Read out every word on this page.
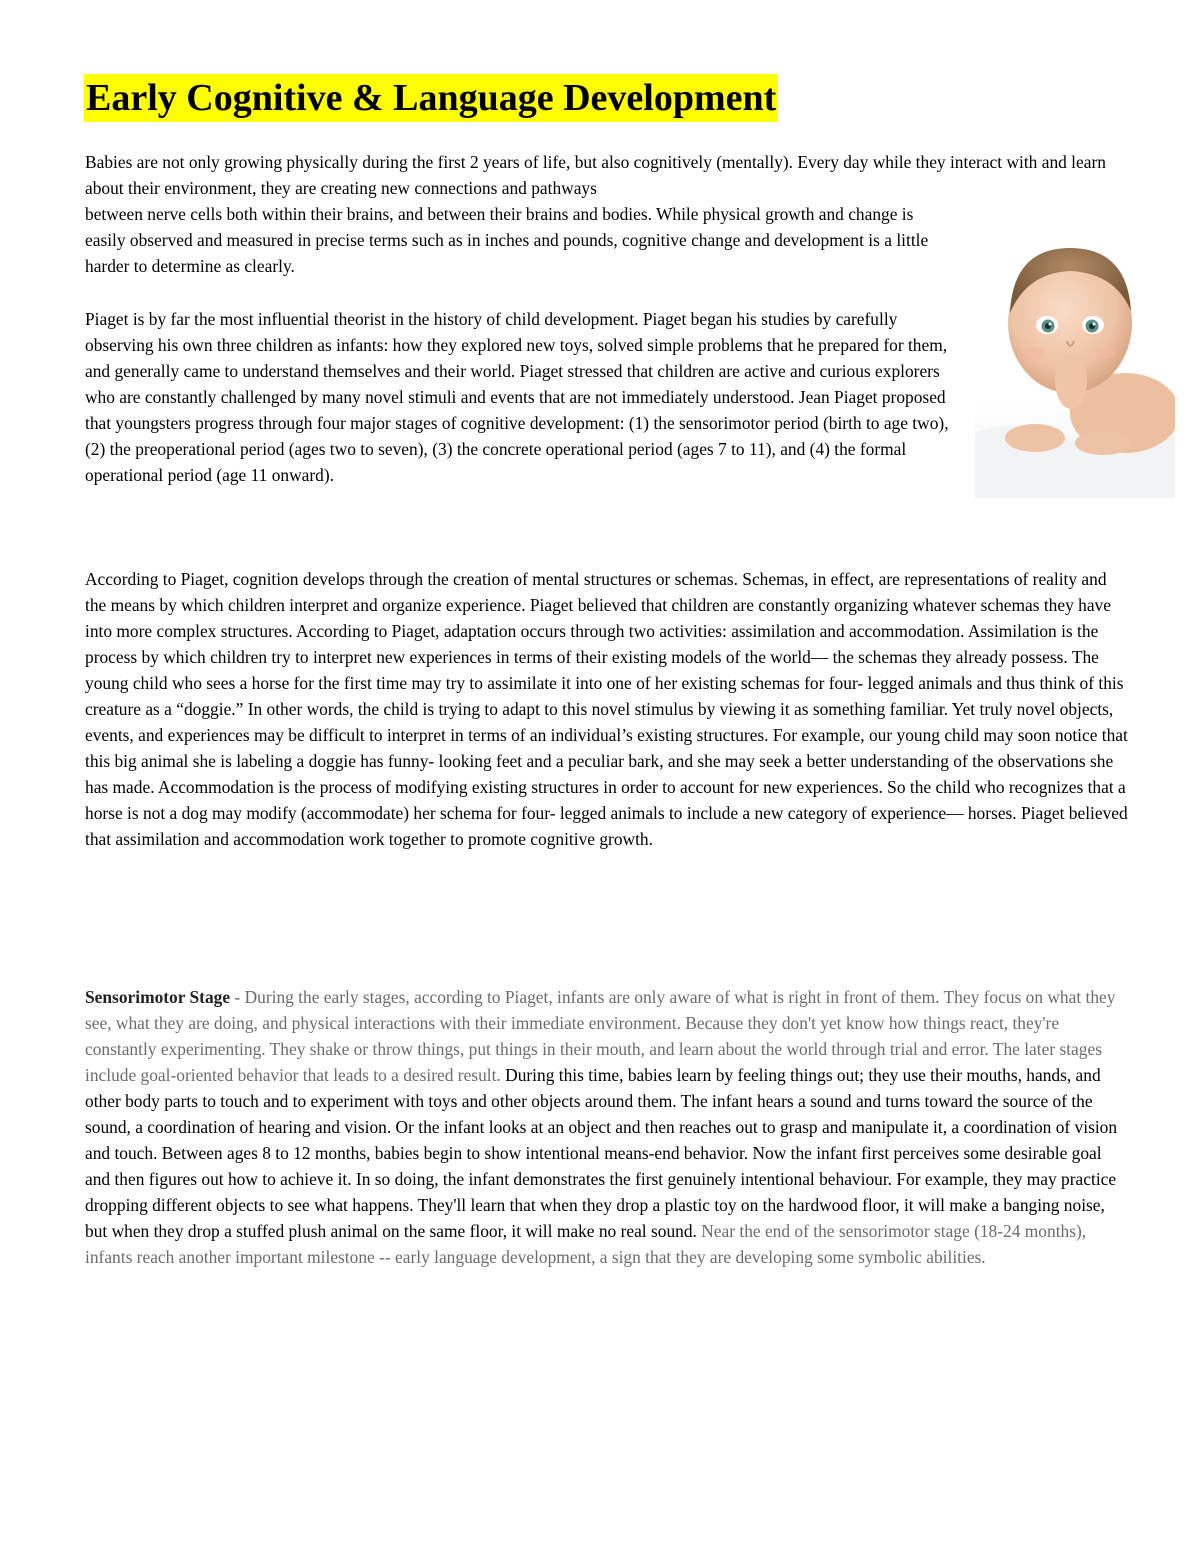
Early Cognitive & Language Development
Babies are not only growing physically during the first 2 years of life, but also cognitively (mentally). Every day while they interact with and learn about their environment, they are creating new connections and pathways
between nerve cells both within their brains, and between their brains and bodies. While physical growth and change is easily observed and measured in precise terms such as in inches and pounds, cognitive change and development is a little harder to determine as clearly.

Piaget is by far the most influential theorist in the history of child development. Piaget began his studies by carefully observing his own three children as infants: how they explored new toys, solved simple problems that he prepared for them, and generally came to understand themselves and their world. Piaget stressed that children are active and curious explorers who are constantly challenged by many novel stimuli and events that are not immediately understood. Jean Piaget proposed that youngsters progress through four major stages of cognitive development: (1) the sensorimotor period (birth to age two), (2) the preoperational period (ages two to seven), (3) the concrete operational period (ages 7 to 11), and (4) the formal operational period (age 11 onward).

According to Piaget, cognition develops through the creation of mental structures or schemas. Schemas, in effect, are representations of reality and the means by which children interpret and organize experience. Piaget believed that children are constantly organizing whatever schemas they have into more complex structures. According to Piaget, adaptation occurs through two activities: assimilation and accommodation. Assimilation is the process by which children try to interpret new experiences in terms of their existing models of the world— the schemas they already possess. The young child who sees a horse for the first time may try to assimilate it into one of her existing schemas for four- legged animals and thus think of this creature as a “doggie.” In other words, the child is trying to adapt to this novel stimulus by viewing it as something familiar. Yet truly novel objects, events, and experiences may be difficult to interpret in terms of an individual’s existing structures. For example, our young child may soon notice that this big animal she is labeling a doggie has funny- looking feet and a peculiar bark, and she may seek a better understanding of the observations she has made. Accommodation is the process of modifying existing structures in order to account for new experiences. So the child who recognizes that a horse is not a dog may modify (accommodate) her schema for four- legged animals to include a new category of experience— horses. Piaget believed that assimilation and accommodation work together to promote cognitive growth.

Sensorimotor Stage - During the early stages, according to Piaget, infants are only aware of what is right in front of them. They focus on what they see, what they are doing, and physical interactions with their immediate environment. Because they don't yet know how things react, they're constantly experimenting. They shake or throw things, put things in their mouth, and learn about the world through trial and error. The later stages include goal-oriented behavior that leads to a desired result. During this time, babies learn by feeling things out; they use their mouths, hands, and other body parts to touch and to experiment with toys and other objects around them. The infant hears a sound and turns toward the source of the sound, a coordination of hearing and vision. Or the infant looks at an object and then reaches out to grasp and manipulate it, a coordination of vision and touch. Between ages 8 to 12 months, babies begin to show intentional means-end behavior. Now the infant first perceives some desirable goal and then figures out how to achieve it. In so doing, the infant demonstrates the first genuinely intentional behaviour. For example, they may practice dropping different objects to see what happens. They'll learn that when they drop a plastic toy on the hardwood floor, it will make a banging noise, but when they drop a stuffed plush animal on the same floor, it will make no real sound. Near the end of the sensorimotor stage (18-24 months), infants reach another important milestone -- early language development, a sign that they are developing some symbolic abilities.
